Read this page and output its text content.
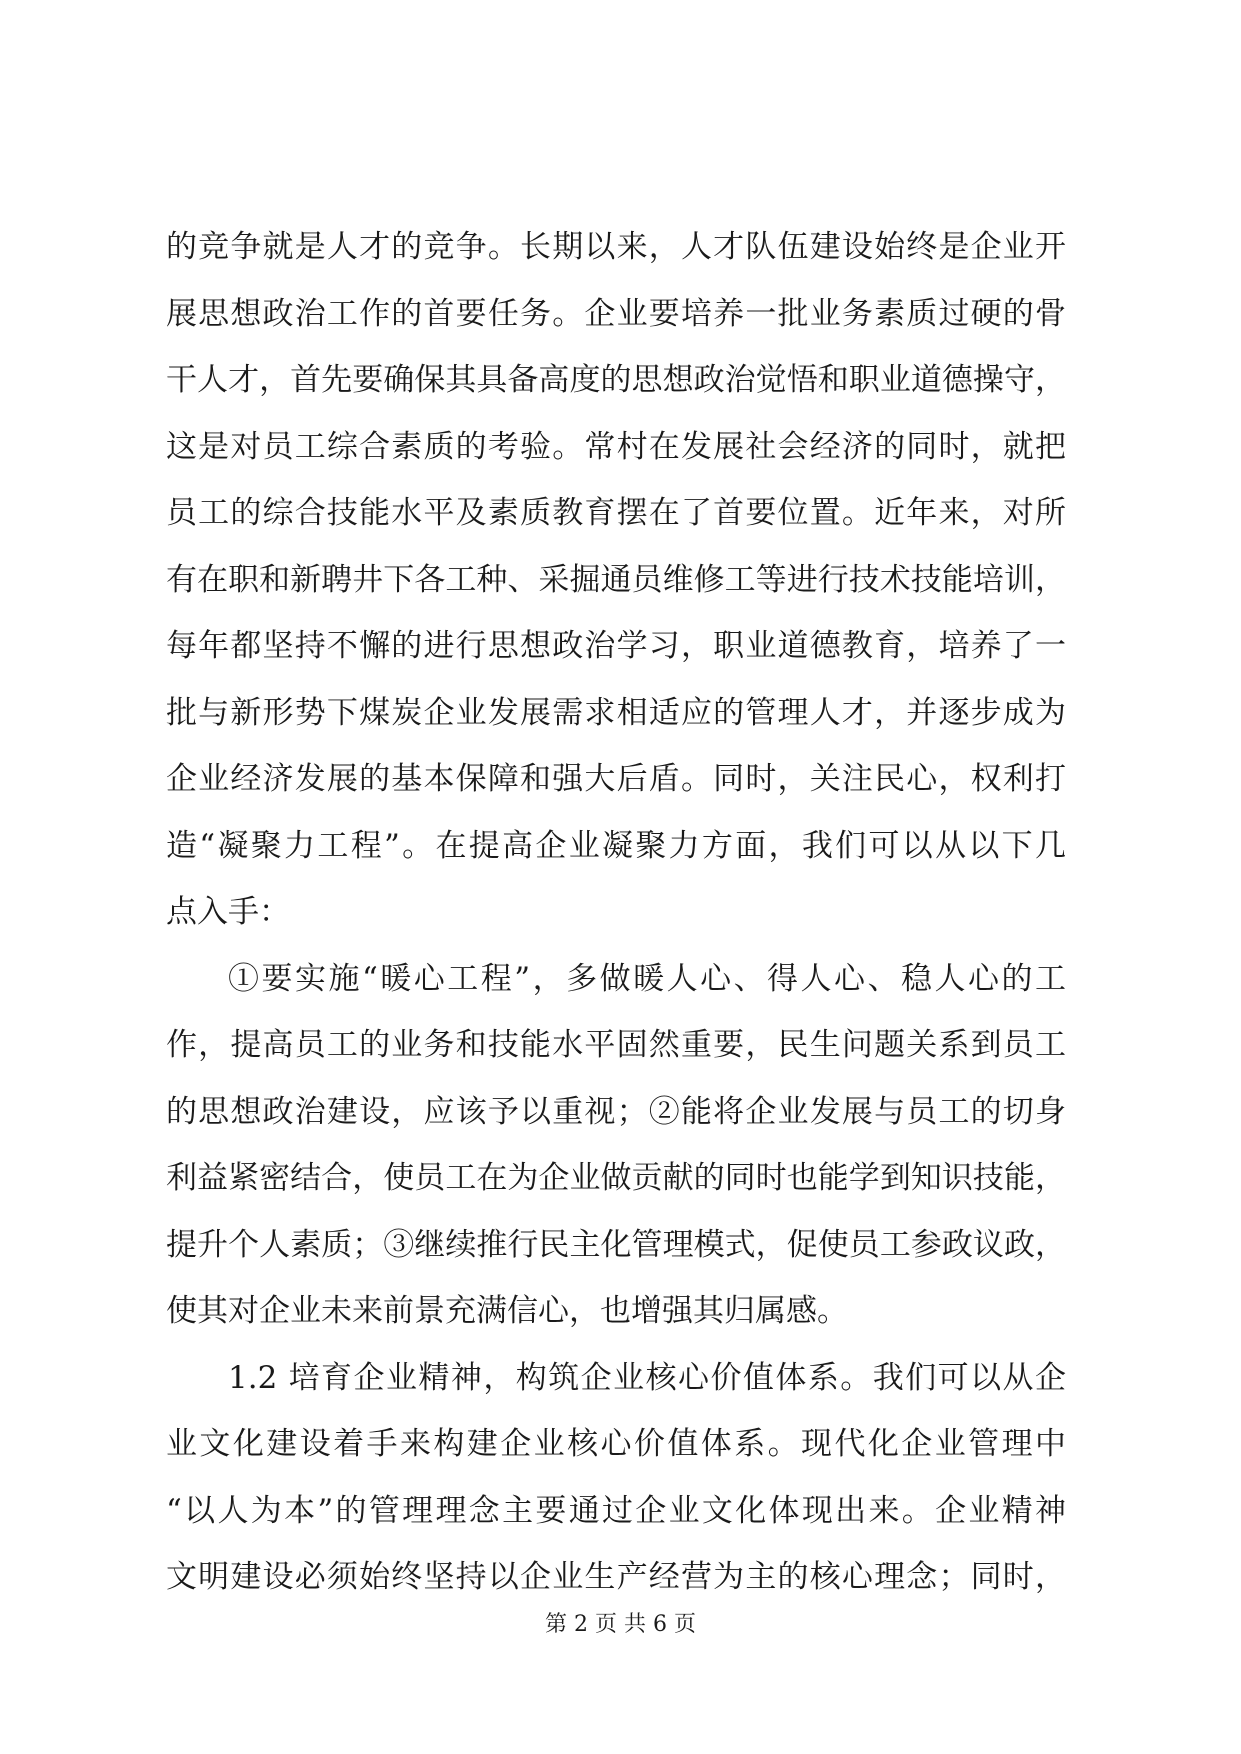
的竞争就是人才的竞争。长期以来，人才队伍建设始终是企业开
展思想政治工作的首要任务。企业要培养一批业务素质过硬的骨
干人才，首先要确保其具备高度的思想政治觉悟和职业道德操守，
这是对员工综合素质的考验。常村在发展社会经济的同时，就把
员工的综合技能水平及素质教育摆在了首要位置。近年来，对所
有在职和新聘井下各工种、采掘通员维修工等进行技术技能培训，
每年都坚持不懈的进行思想政治学习，职业道德教育，培养了一
批与新形势下煤炭企业发展需求相适应的管理人才，并逐步成为
企业经济发展的基本保障和强大后盾。同时，关注民心，权利打
造“凝聚力工程”。在提高企业凝聚力方面，我们可以从以下几
点入手：
①要实施“暖心工程”，多做暖人心、得人心、稳人心的工
作，提高员工的业务和技能水平固然重要，民生问题关系到员工
的思想政治建设，应该予以重视；②能将企业发展与员工的切身
利益紧密结合，使员工在为企业做贡献的同时也能学到知识技能，
提升个人素质；③继续推行民主化管理模式，促使员工参政议政，
使其对企业未来前景充满信心，也增强其归属感。
1.2 培育企业精神，构筑企业核心价值体系。我们可以从企
业文化建设着手来构建企业核心价值体系。现代化企业管理中
“以人为本”的管理理念主要通过企业文化体现出来。企业精神
文明建设必须始终坚持以企业生产经营为主的核心理念；同时，
第 2 页 共 6 页
